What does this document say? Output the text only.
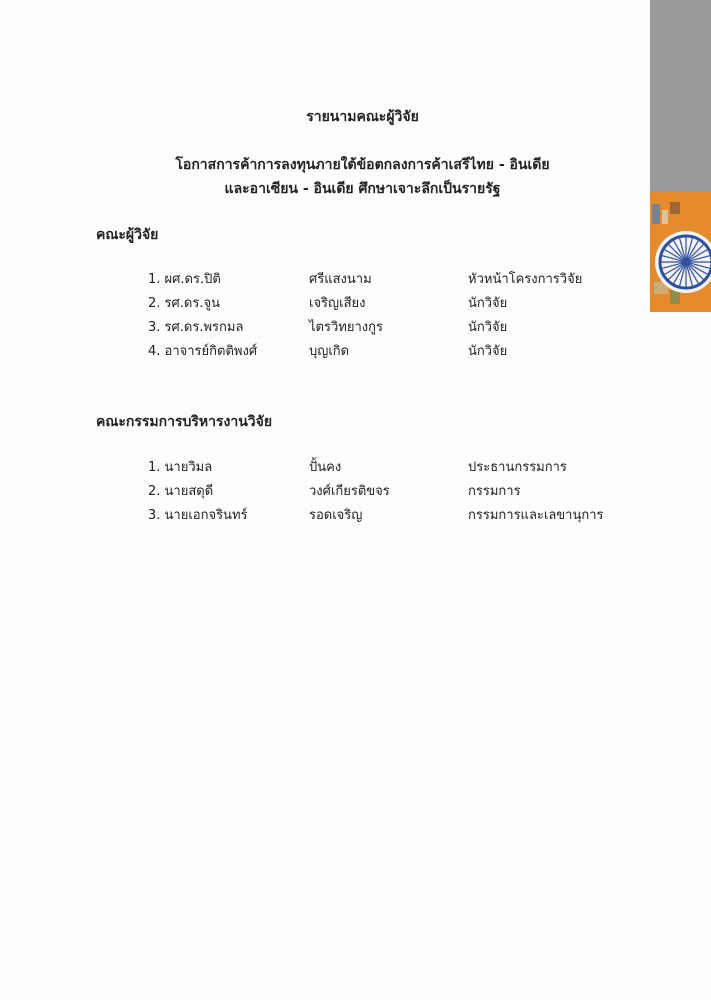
รายนามคณะผู้วิจัย
โอกาสการค้าการลงทุนภายใต้ข้อตกลงการค้าเสรีไทย - อินเดีย
และอาเซียน - อินเดีย ศึกษาเจาะลึกเป็นรายรัฐ
คณะผู้วิจัย
1. ผศ.ดร.ปิติ	ศรีแสงนาม	หัวหน้าโครงการวิจัย
2. รศ.ดร.จูน	เจริญเสียง	นักวิจัย
3. รศ.ดร.พรกมล	ไตรวิทยางกูร	นักวิจัย
4. อาจารย์กิตติพงศ์	บุญเกิด	นักวิจัย
คณะกรรมการบริหารงานวิจัย
1. นายวิมล	ปั้นคง	ประธานกรรมการ
2. นายสดุดี	วงศ์เกียรติขจร	กรรมการ
3. นายเอกจรินทร์	รอดเจริญ	กรรมการและเลขานุการ
